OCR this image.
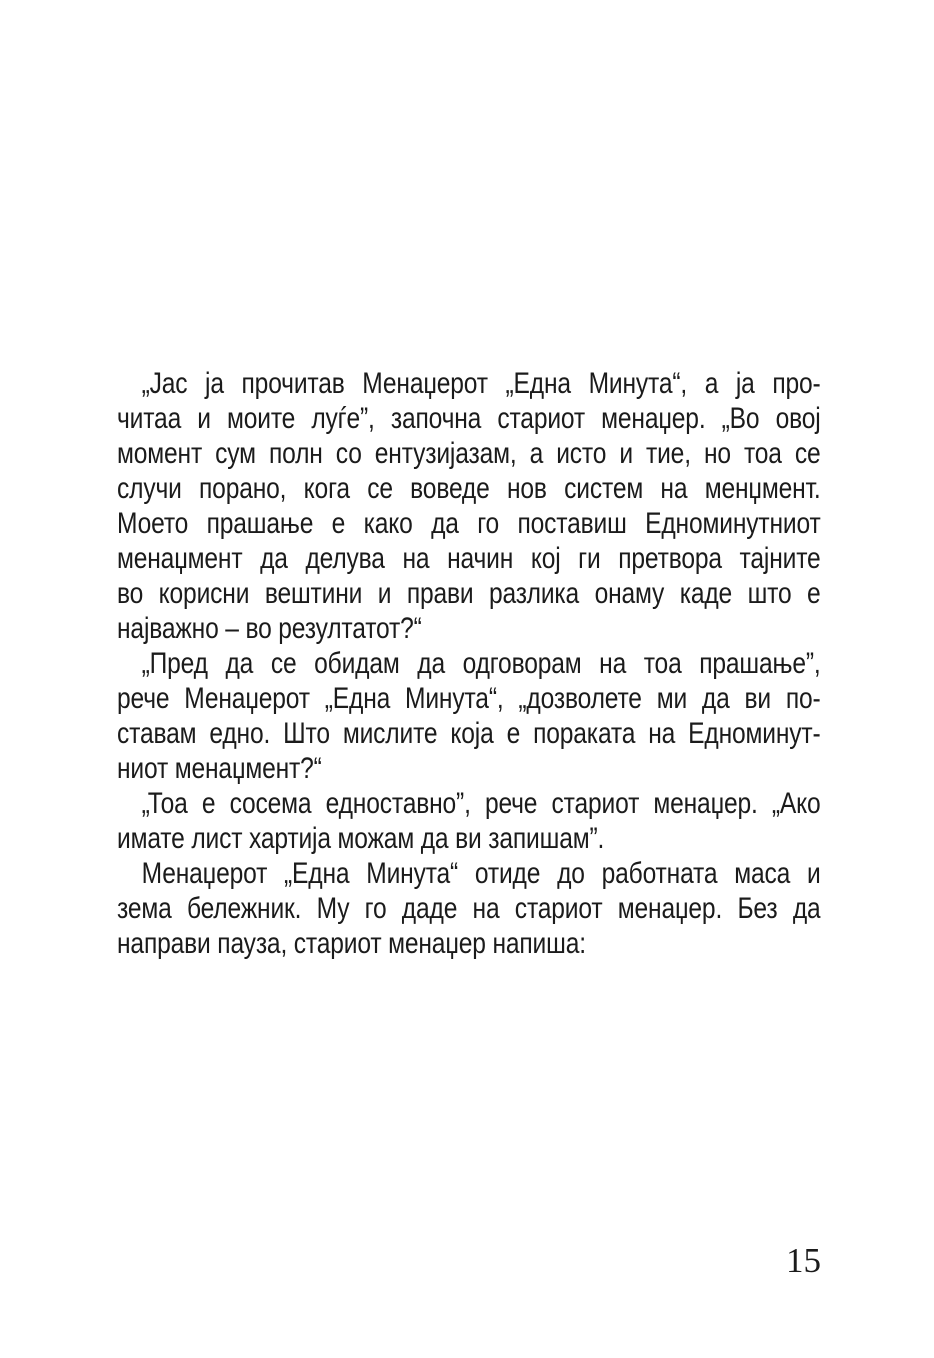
„Јас ја прочитав Менаџерот „Една Минута“, а ја про-
читаа и моите луѓе”, започна стариот менаџер. „Во овој
момент сум полн со ентузијазам, а исто и тие, но тоа се
случи порано, кога се воведе нов систем на менџмент.
Моето прашање е како да го поставиш Едноминутниот
менаџмент да делува на начин кој ги претвора тајните
во корисни вештини и прави разлика онаму каде што е
најважно – во резултатот?“
„Пред да се обидам да одговорам на тоа прашање”,
рече Менаџерот „Една Минута“, „дозволете ми да ви по-
ставам едно. Што мислите која е пораката на Едноминут-
ниот менаџмент?“
„Тоа е сосема едноставно”, рече стариот менаџер. „Ако
имате лист хартија можам да ви запишам”.
Менаџерот „Една Минута“ отиде до работната маса и
зема бележник. Му го даде на стариот менаџер. Без да
направи пауза, стариот менаџер напиша:
15
